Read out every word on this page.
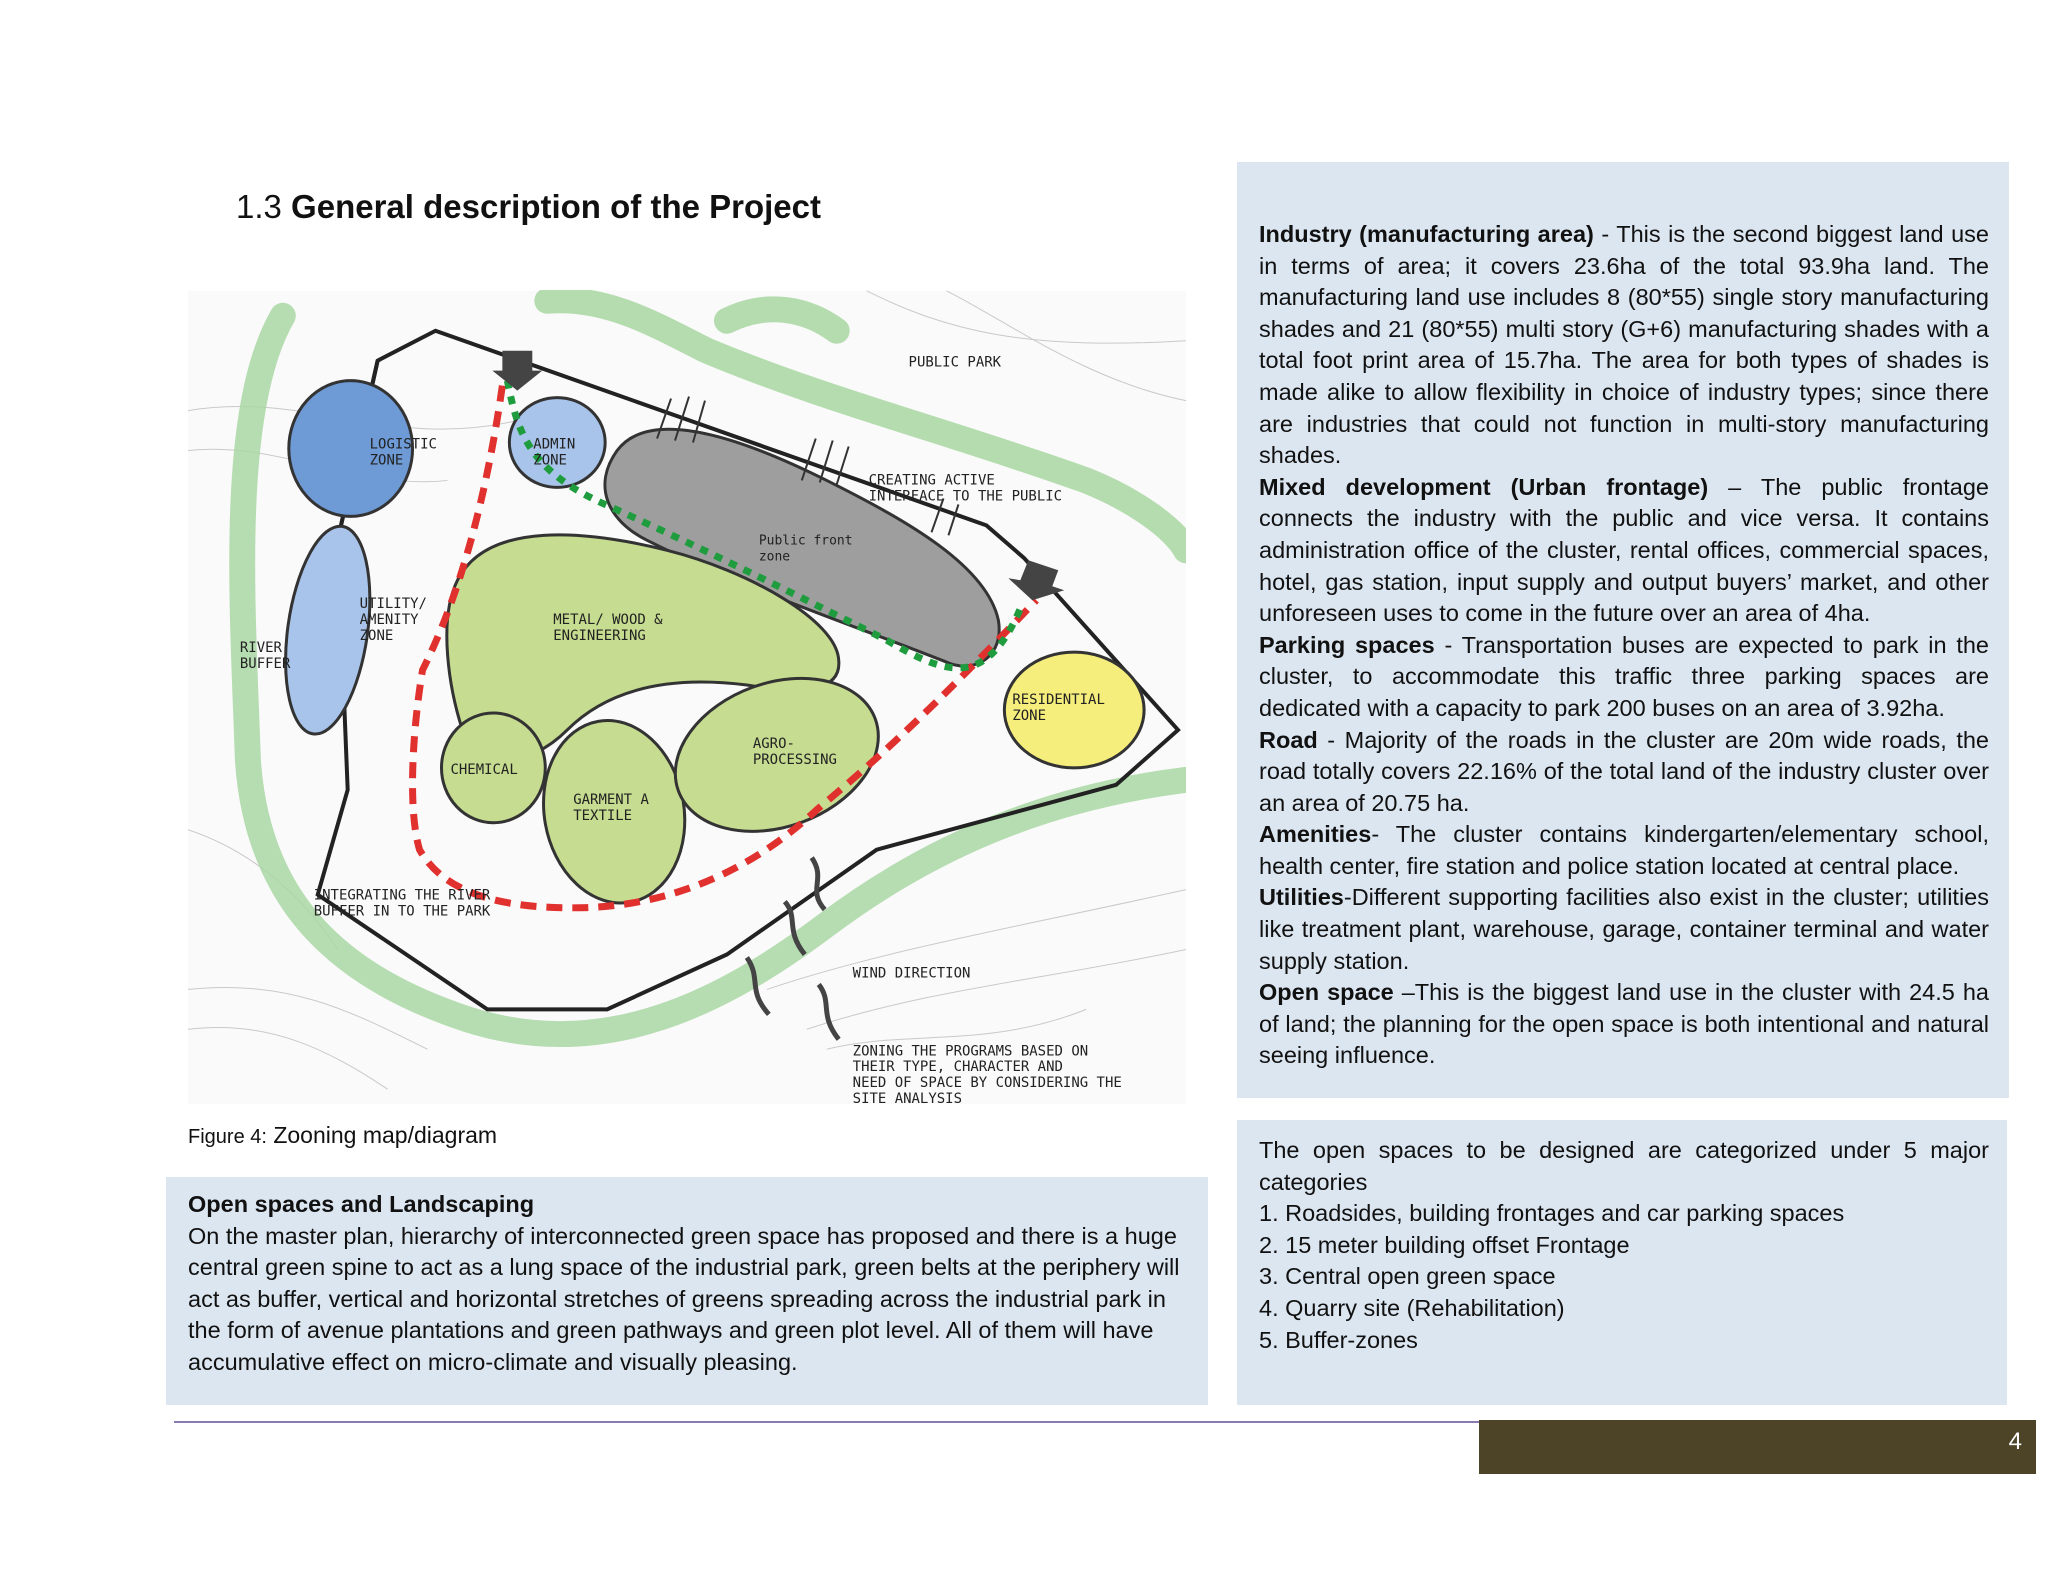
1.3 General description of the Project
PUBLIC PARK
LOGISTIC
ZONE
ADMIN
ZONE
CREATING ACTIVE
INTERFACE TO THE PUBLIC
Public front
zone
UTILITY/
AMENITY
ZONE
METAL/ WOOD &
ENGINEERING
RIVER
BUFFER
RESIDENTIAL
ZONE
AGRO-
PROCESSING
CHEMICAL
GARMENT A
TEXTILE
INTEGRATING THE RIVER
BUFFER IN TO THE PARK
WIND DIRECTION
ZONING THE PROGRAMS BASED ON
THEIR TYPE, CHARACTER AND
NEED OF SPACE BY CONSIDERING THE
SITE ANALYSIS
Figure 4: Zooning map/diagram
Industry (manufacturing area) - This is the second biggest land use in terms of area; it covers 23.6ha of the total 93.9ha land. The manufacturing land use includes 8 (80*55) single story manufacturing shades and 21 (80*55) multi story (G+6) manufacturing shades with a total foot print area of 15.7ha. The area for both types of shades is made alike to allow flexibility in choice of industry types; since there are industries that could not function in multi-story manufacturing shades.
Mixed development (Urban frontage) – The public frontage connects the industry with the public and vice versa. It contains administration office of the cluster, rental offices, commercial spaces, hotel, gas station, input supply and output buyers’ market, and other unforeseen uses to come in the future over an area of 4ha.
Parking spaces - Transportation buses are expected to park in the cluster, to accommodate this traffic three parking spaces are dedicated with a capacity to park 200 buses on an area of 3.92ha.
Road - Majority of the roads in the cluster are 20m wide roads, the road totally covers 22.16% of the total land of the industry cluster over an area of 20.75 ha.
Amenities- The cluster contains kindergarten/elementary school, health center, fire station and police station located at central place.
Utilities-Different supporting facilities also exist in the cluster; utilities like treatment plant, warehouse, garage, container terminal and water supply station.
Open space –This is the biggest land use in the cluster with 24.5 ha of land; the planning for the open space is both intentional and natural seeing influence.
Open spaces and Landscaping
On the master plan, hierarchy of interconnected green space has proposed and there is a huge central green spine to act as a lung space of the industrial park, green belts at the periphery will act as buffer, vertical and horizontal stretches of greens spreading across the industrial park in the form of avenue plantations and green pathways and green plot level. All of them will have accumulative effect on micro-climate and visually pleasing.
The open spaces to be designed are categorized under 5 major
categories
1. Roadsides, building frontages and car parking spaces
2. 15 meter building offset Frontage
3. Central open green space
4. Quarry site (Rehabilitation)
5. Buffer-zones
4
